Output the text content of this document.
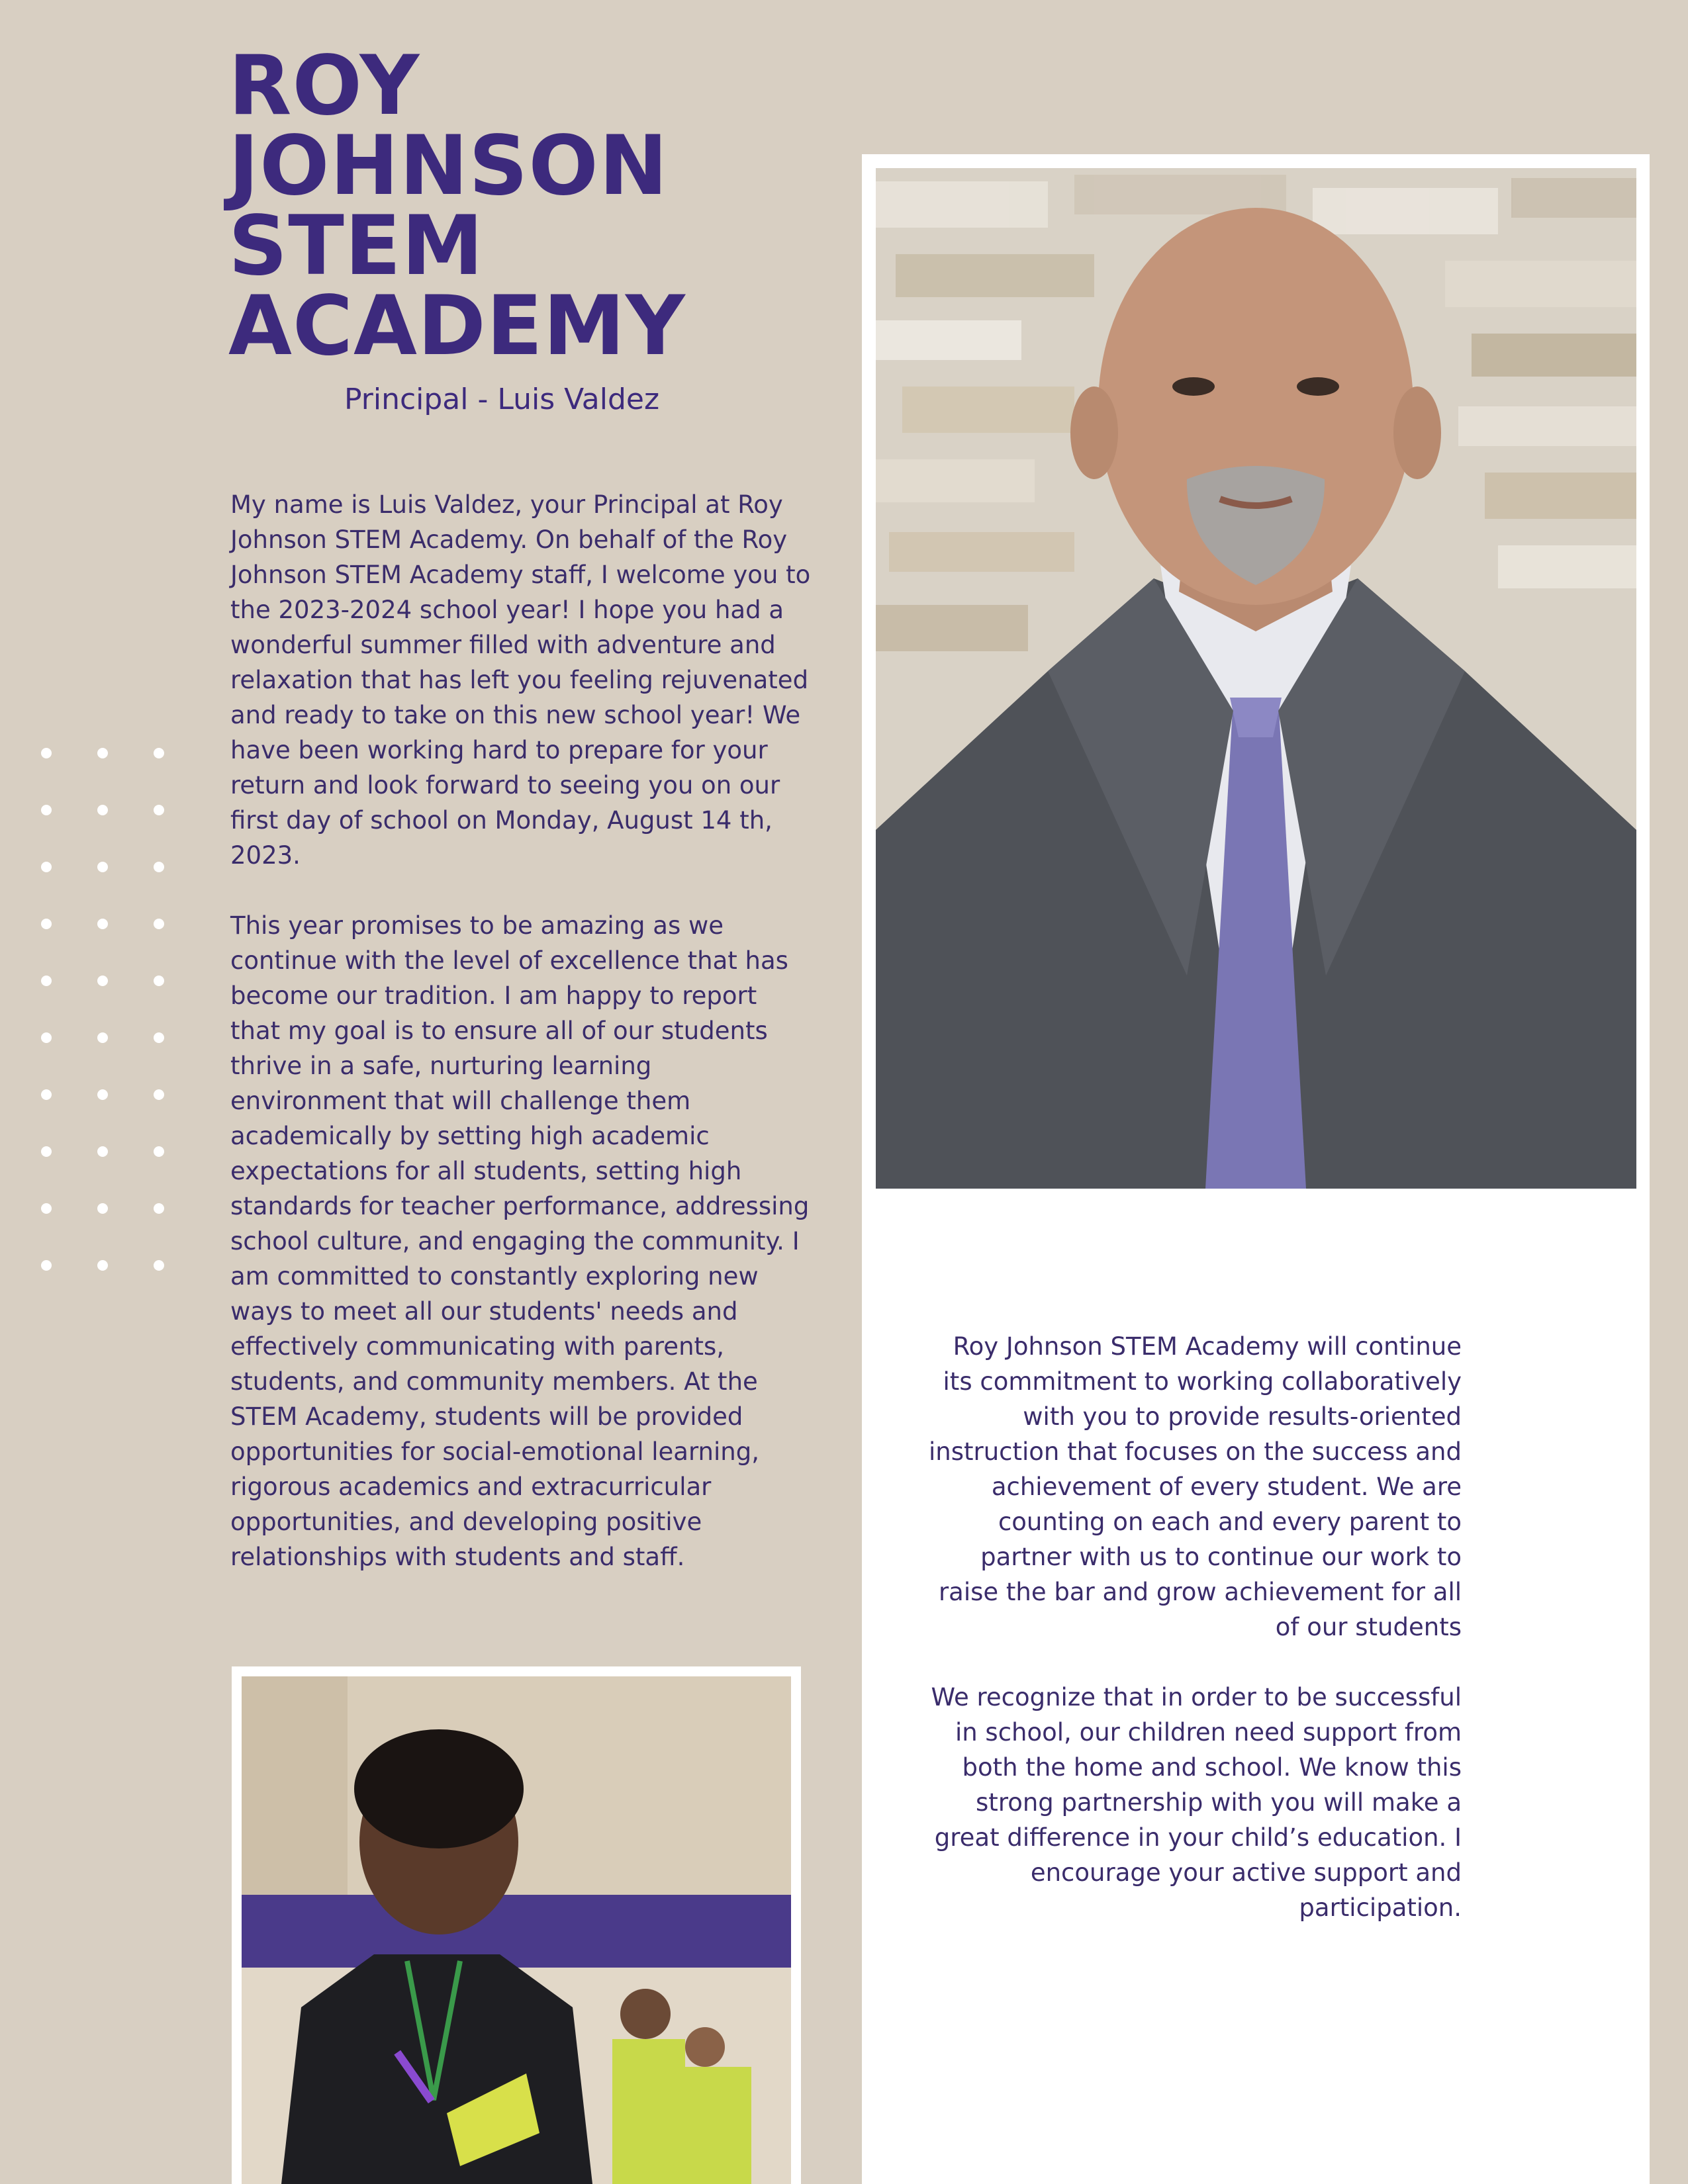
ROY
JOHNSON
STEM
ACADEMY
Principal - Luis Valdez

My name is Luis Valdez, your Principal at Roy Johnson STEM Academy. On behalf of the Roy Johnson STEM Academy staff, I welcome you to the 2023-2024 school year! I hope you had a wonderful summer filled with adventure and relaxation that has left you feeling rejuvenated and ready to take on this new school year! We have been working hard to prepare for your return and look forward to seeing you on our first day of school on Monday, August 14 th, 2023.

This year promises to be amazing as we continue with the level of excellence that has become our tradition. I am happy to report that my goal is to ensure all of our students thrive in a safe, nurturing learning environment that will challenge them academically by setting high academic expectations for all students, setting high standards for teacher performance, addressing school culture, and engaging the community. I am committed to constantly exploring new ways to meet all our students' needs and effectively communicating with parents, students, and community members. At the STEM Academy, students will be provided opportunities for social-emotional learning, rigorous academics and extracurricular opportunities, and developing positive relationships with students and staff.

Roy Johnson STEM Academy will continue its commitment to working collaboratively with you to provide results-oriented instruction that focuses on the success and achievement of every student. We are counting on each and every parent to partner with us to continue our work to raise the bar and grow achievement for all of our students

We recognize that in order to be successful in school, our children need support from both the home and school. We know this strong partnership with you will make a great difference in your child’s education. I encourage your active support and participation.
